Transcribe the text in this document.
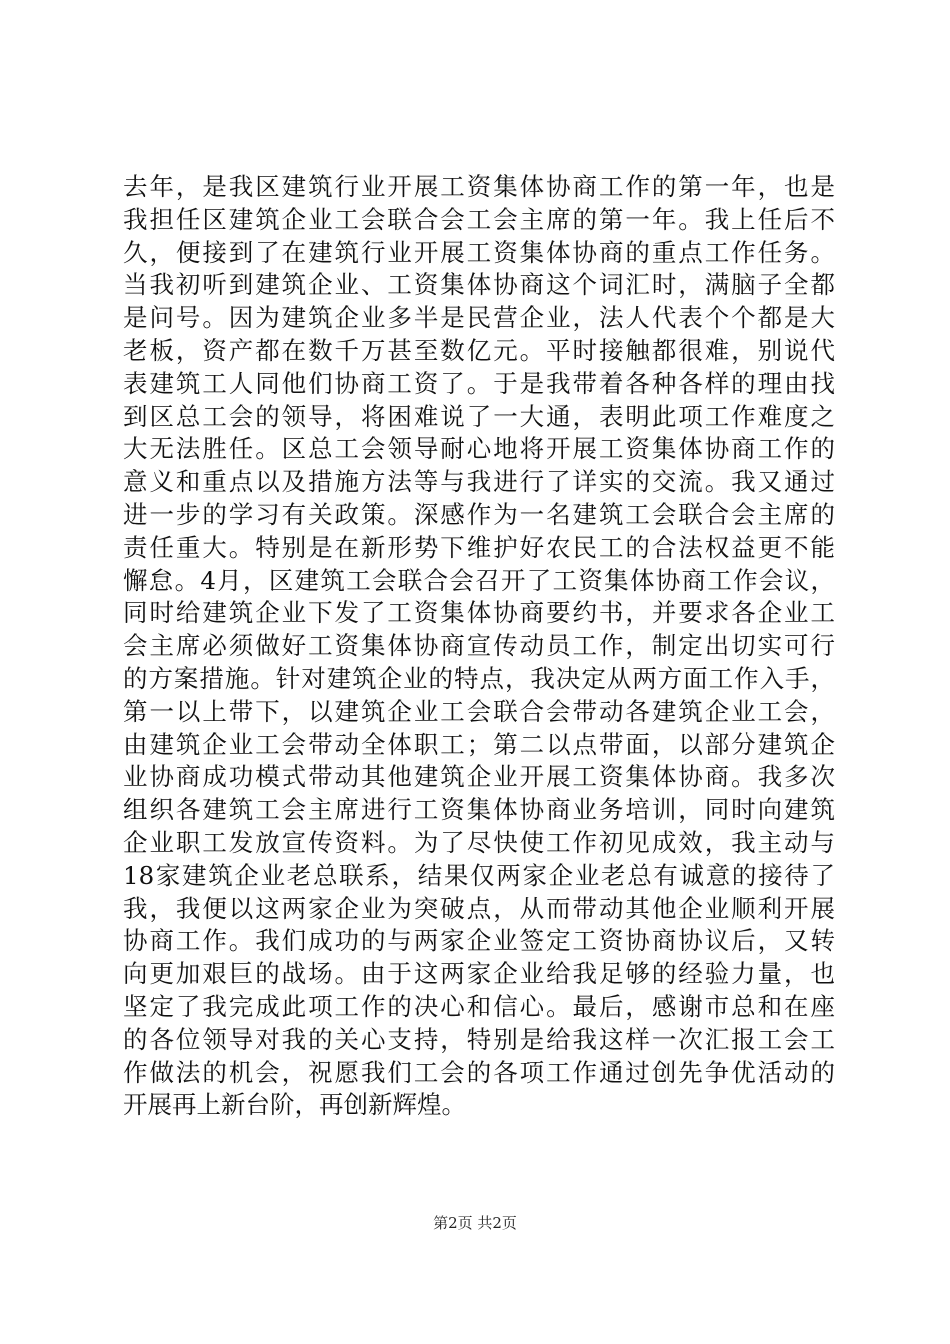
去年，是我区建筑行业开展工资集体协商工作的第一年，也是
我担任区建筑企业工会联合会工会主席的第一年。我上任后不
久，便接到了在建筑行业开展工资集体协商的重点工作任务。
当我初听到建筑企业、工资集体协商这个词汇时，满脑子全都
是问号。因为建筑企业多半是民营企业，法人代表个个都是大
老板，资产都在数千万甚至数亿元。平时接触都很难，别说代
表建筑工人同他们协商工资了。于是我带着各种各样的理由找
到区总工会的领导，将困难说了一大通，表明此项工作难度之
大无法胜任。区总工会领导耐心地将开展工资集体协商工作的
意义和重点以及措施方法等与我进行了详实的交流。我又通过
进一步的学习有关政策。深感作为一名建筑工会联合会主席的
责任重大。特别是在新形势下维护好农民工的合法权益更不能
懈怠。4月，区建筑工会联合会召开了工资集体协商工作会议，
同时给建筑企业下发了工资集体协商要约书，并要求各企业工
会主席必须做好工资集体协商宣传动员工作，制定出切实可行
的方案措施。针对建筑企业的特点，我决定从两方面工作入手，
第一以上带下，以建筑企业工会联合会带动各建筑企业工会，
由建筑企业工会带动全体职工；第二以点带面，以部分建筑企
业协商成功模式带动其他建筑企业开展工资集体协商。我多次
组织各建筑工会主席进行工资集体协商业务培训，同时向建筑
企业职工发放宣传资料。为了尽快使工作初见成效，我主动与
18家建筑企业老总联系，结果仅两家企业老总有诚意的接待了
我，我便以这两家企业为突破点，从而带动其他企业顺利开展
协商工作。我们成功的与两家企业签定工资协商协议后，又转
向更加艰巨的战场。由于这两家企业给我足够的经验力量，也
坚定了我完成此项工作的决心和信心。最后，感谢市总和在座
的各位领导对我的关心支持，特别是给我这样一次汇报工会工
作做法的机会，祝愿我们工会的各项工作通过创先争优活动的
开展再上新台阶，再创新辉煌。
第2页 共2页
